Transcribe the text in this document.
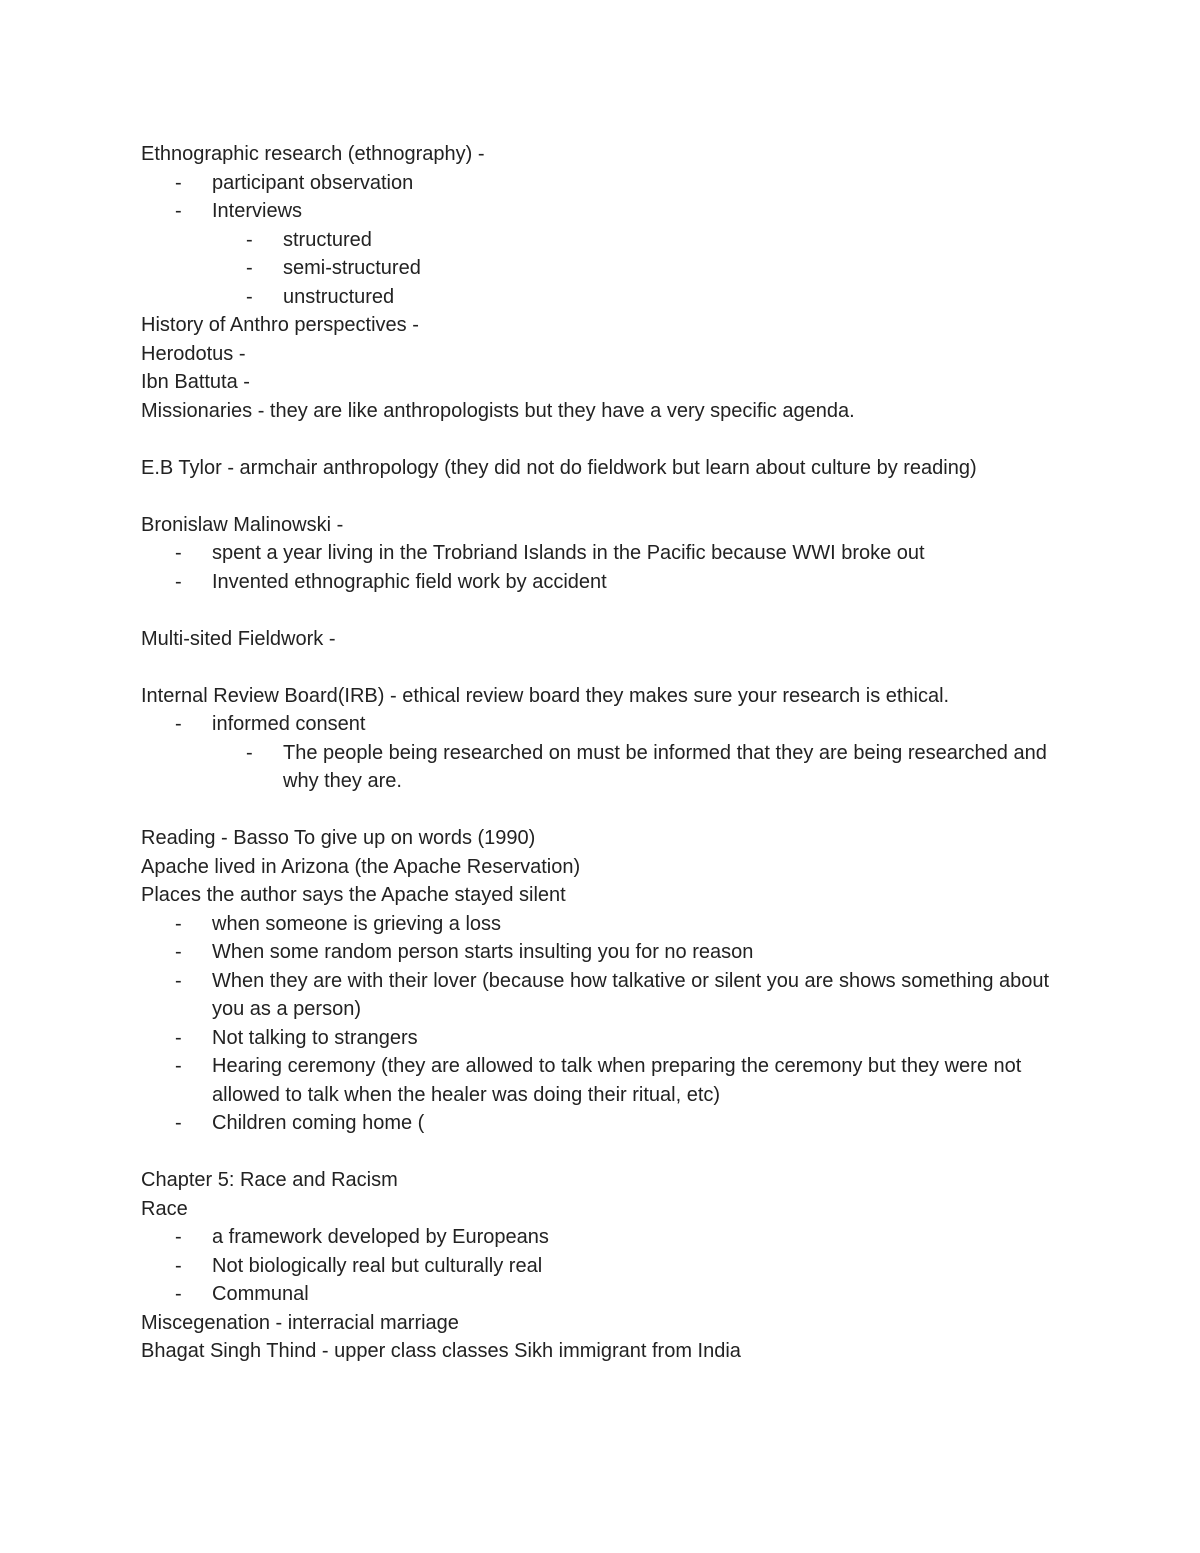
Ethnographic research (ethnography) -
- participant observation
- Interviews
- structured
- semi-structured
- unstructured
History of Anthro perspectives -
Herodotus -
Ibn Battuta -
Missionaries - they are like anthropologists but they have a very specific agenda.
E.B Tylor - armchair anthropology (they did not do fieldwork but learn about culture by reading)
Bronislaw Malinowski -
- spent a year living in the Trobriand Islands in the Pacific because WWI broke out
- Invented ethnographic field work by accident
Multi-sited Fieldwork -
Internal Review Board(IRB) - ethical review board they makes sure your research is ethical.
- informed consent
- The people being researched on must be informed that they are being researched and why they are.
Reading - Basso To give up on words (1990)
Apache lived in Arizona (the Apache Reservation)
Places the author says the Apache stayed silent
- when someone is grieving a loss
- When some random person starts insulting you for no reason
- When they are with their lover (because how talkative or silent you are shows something about you as a person)
- Not talking to strangers
- Hearing ceremony (they are allowed to talk when preparing the ceremony but they were not allowed to talk when the healer was doing their ritual, etc)
- Children coming home (
Chapter 5: Race and Racism
Race
- a framework developed by Europeans
- Not biologically real but culturally real
- Communal
Miscegenation - interracial marriage
Bhagat Singh Thind - upper class classes Sikh immigrant from India
